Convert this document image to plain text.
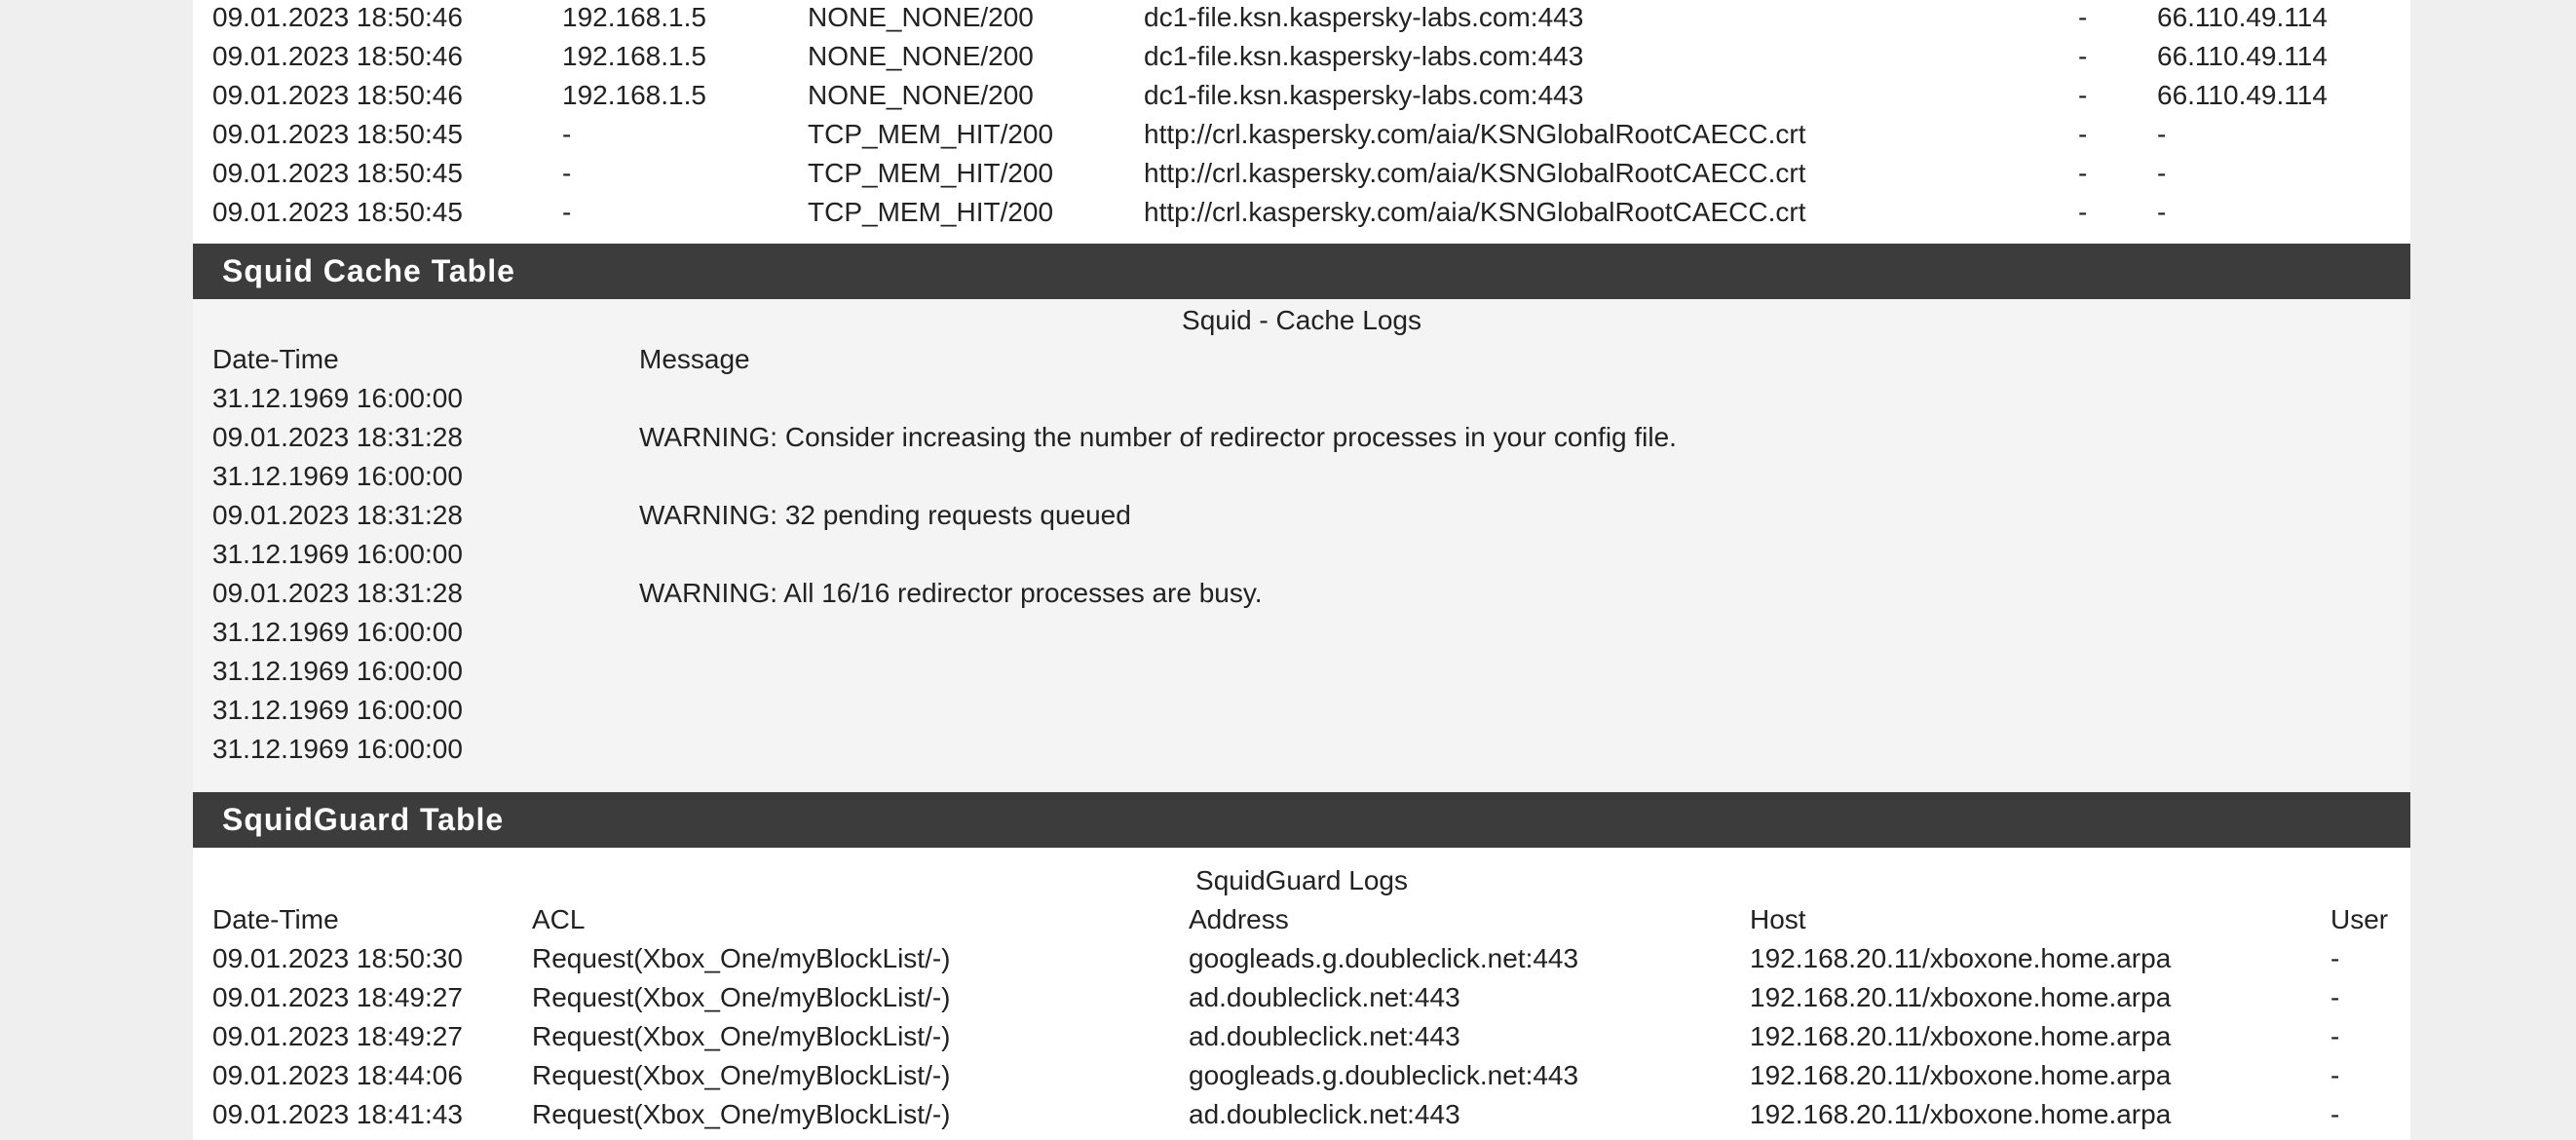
09.01.2023 18:50:46	192.168.1.5	NONE_NONE/200	dc1-file.ksn.kaspersky-labs.com:443	-	66.110.49.114
09.01.2023 18:50:46	192.168.1.5	NONE_NONE/200	dc1-file.ksn.kaspersky-labs.com:443	-	66.110.49.114
09.01.2023 18:50:46	192.168.1.5	NONE_NONE/200	dc1-file.ksn.kaspersky-labs.com:443	-	66.110.49.114
09.01.2023 18:50:45	-	TCP_MEM_HIT/200	http://crl.kaspersky.com/aia/KSNGlobalRootCAECC.crt	-	-
09.01.2023 18:50:45	-	TCP_MEM_HIT/200	http://crl.kaspersky.com/aia/KSNGlobalRootCAECC.crt	-	-
09.01.2023 18:50:45	-	TCP_MEM_HIT/200	http://crl.kaspersky.com/aia/KSNGlobalRootCAECC.crt	-	-
Squid Cache Table
Squid - Cache Logs
Date-Time	Message
31.12.1969 16:00:00
09.01.2023 18:31:28	WARNING: Consider increasing the number of redirector processes in your config file.
31.12.1969 16:00:00
09.01.2023 18:31:28	WARNING: 32 pending requests queued
31.12.1969 16:00:00
09.01.2023 18:31:28	WARNING: All 16/16 redirector processes are busy.
31.12.1969 16:00:00
31.12.1969 16:00:00
31.12.1969 16:00:00
31.12.1969 16:00:00
SquidGuard Table
SquidGuard Logs
Date-Time	ACL	Address	Host	User
09.01.2023 18:50:30	Request(Xbox_One/myBlockList/-)	googleads.g.doubleclick.net:443	192.168.20.11/xboxone.home.arpa	-
09.01.2023 18:49:27	Request(Xbox_One/myBlockList/-)	ad.doubleclick.net:443	192.168.20.11/xboxone.home.arpa	-
09.01.2023 18:49:27	Request(Xbox_One/myBlockList/-)	ad.doubleclick.net:443	192.168.20.11/xboxone.home.arpa	-
09.01.2023 18:44:06	Request(Xbox_One/myBlockList/-)	googleads.g.doubleclick.net:443	192.168.20.11/xboxone.home.arpa	-
09.01.2023 18:41:43	Request(Xbox_One/myBlockList/-)	ad.doubleclick.net:443	192.168.20.11/xboxone.home.arpa	-
